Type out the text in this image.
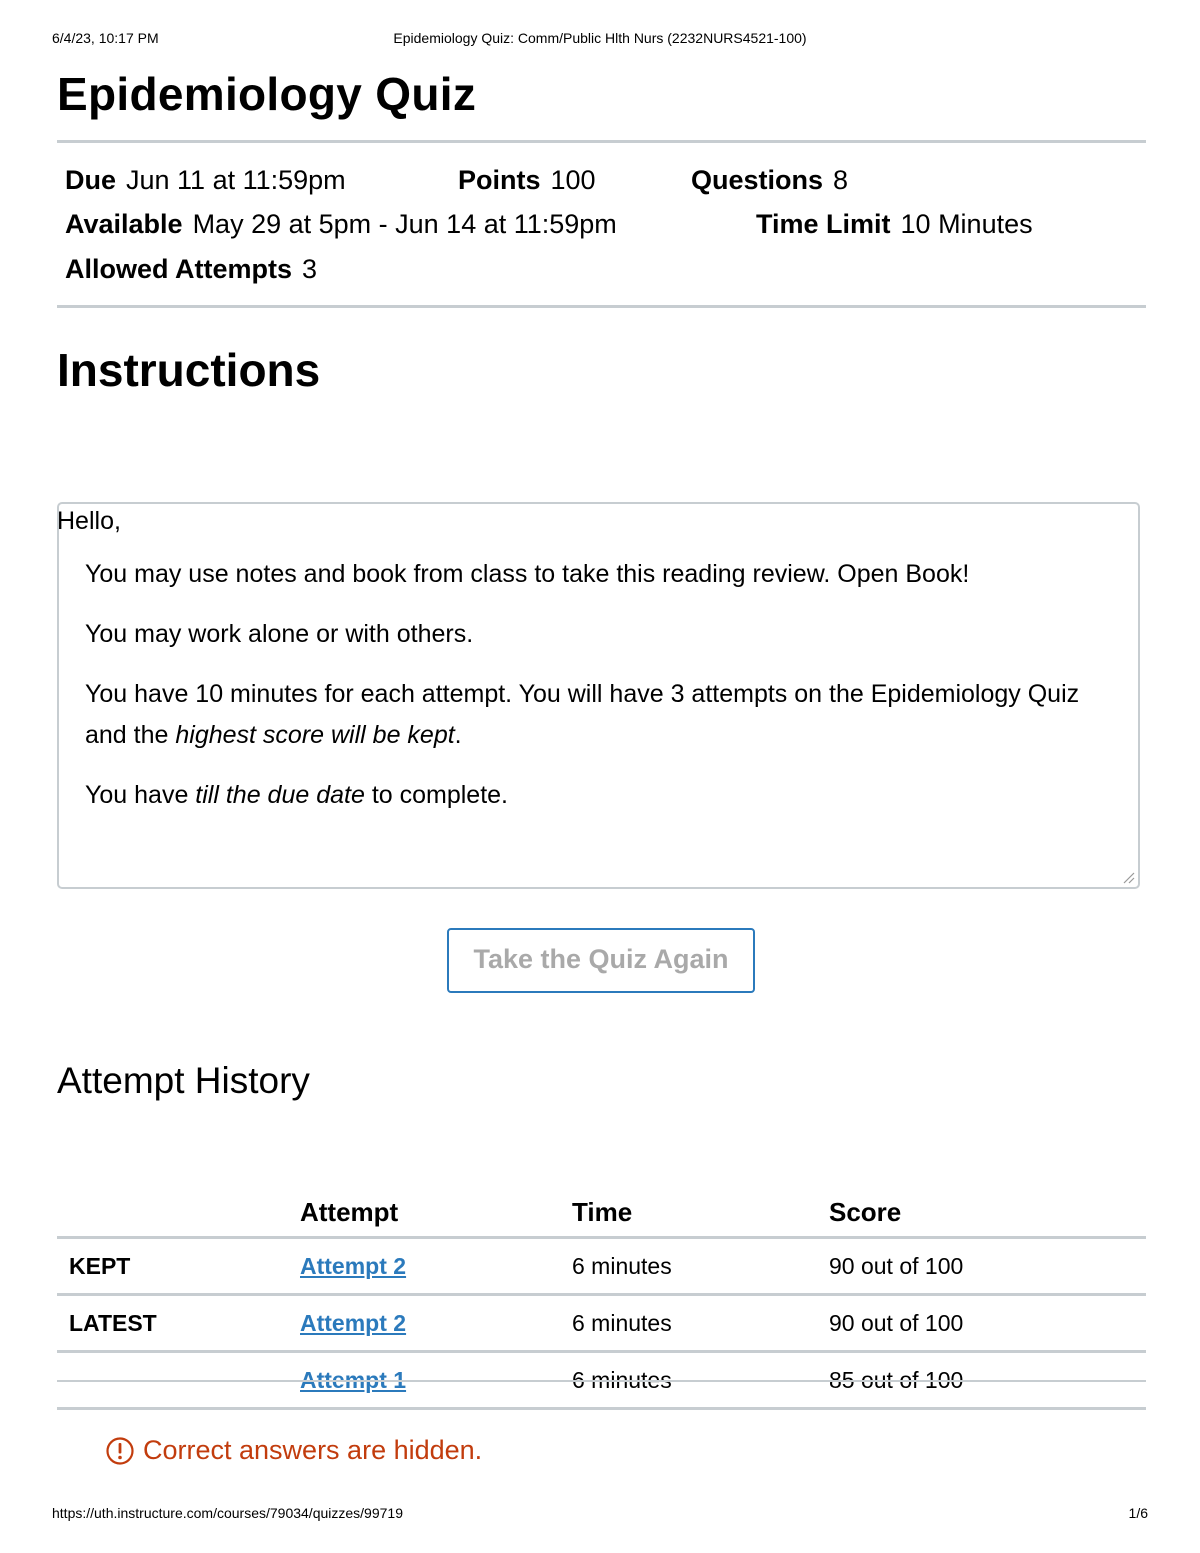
6/4/23, 10:17 PM	Epidemiology Quiz: Comm/Public Hlth Nurs (2232NURS4521-100)
Epidemiology Quiz
Due Jun 11 at 11:59pm	Points 100	Questions 8
Available May 29 at 5pm - Jun 14 at 11:59pm	Time Limit 10 Minutes
Allowed Attempts 3
Instructions
Hello,

You may use notes and book from class to take this reading review. Open Book!

You may work alone or with others.

You have 10 minutes for each attempt. You will have 3 attempts on the Epidemiology Quiz and the highest score will be kept.

You have till the due date to complete.

Take the Quiz Again
Attempt History
	Attempt	Time	Score
KEPT	Attempt 2	6 minutes	90 out of 100
LATEST	Attempt 2	6 minutes	90 out of 100
	Attempt 1	6 minutes	85 out of 100
Correct answers are hidden.
https://uth.instructure.com/courses/79034/quizzes/99719	1/6
